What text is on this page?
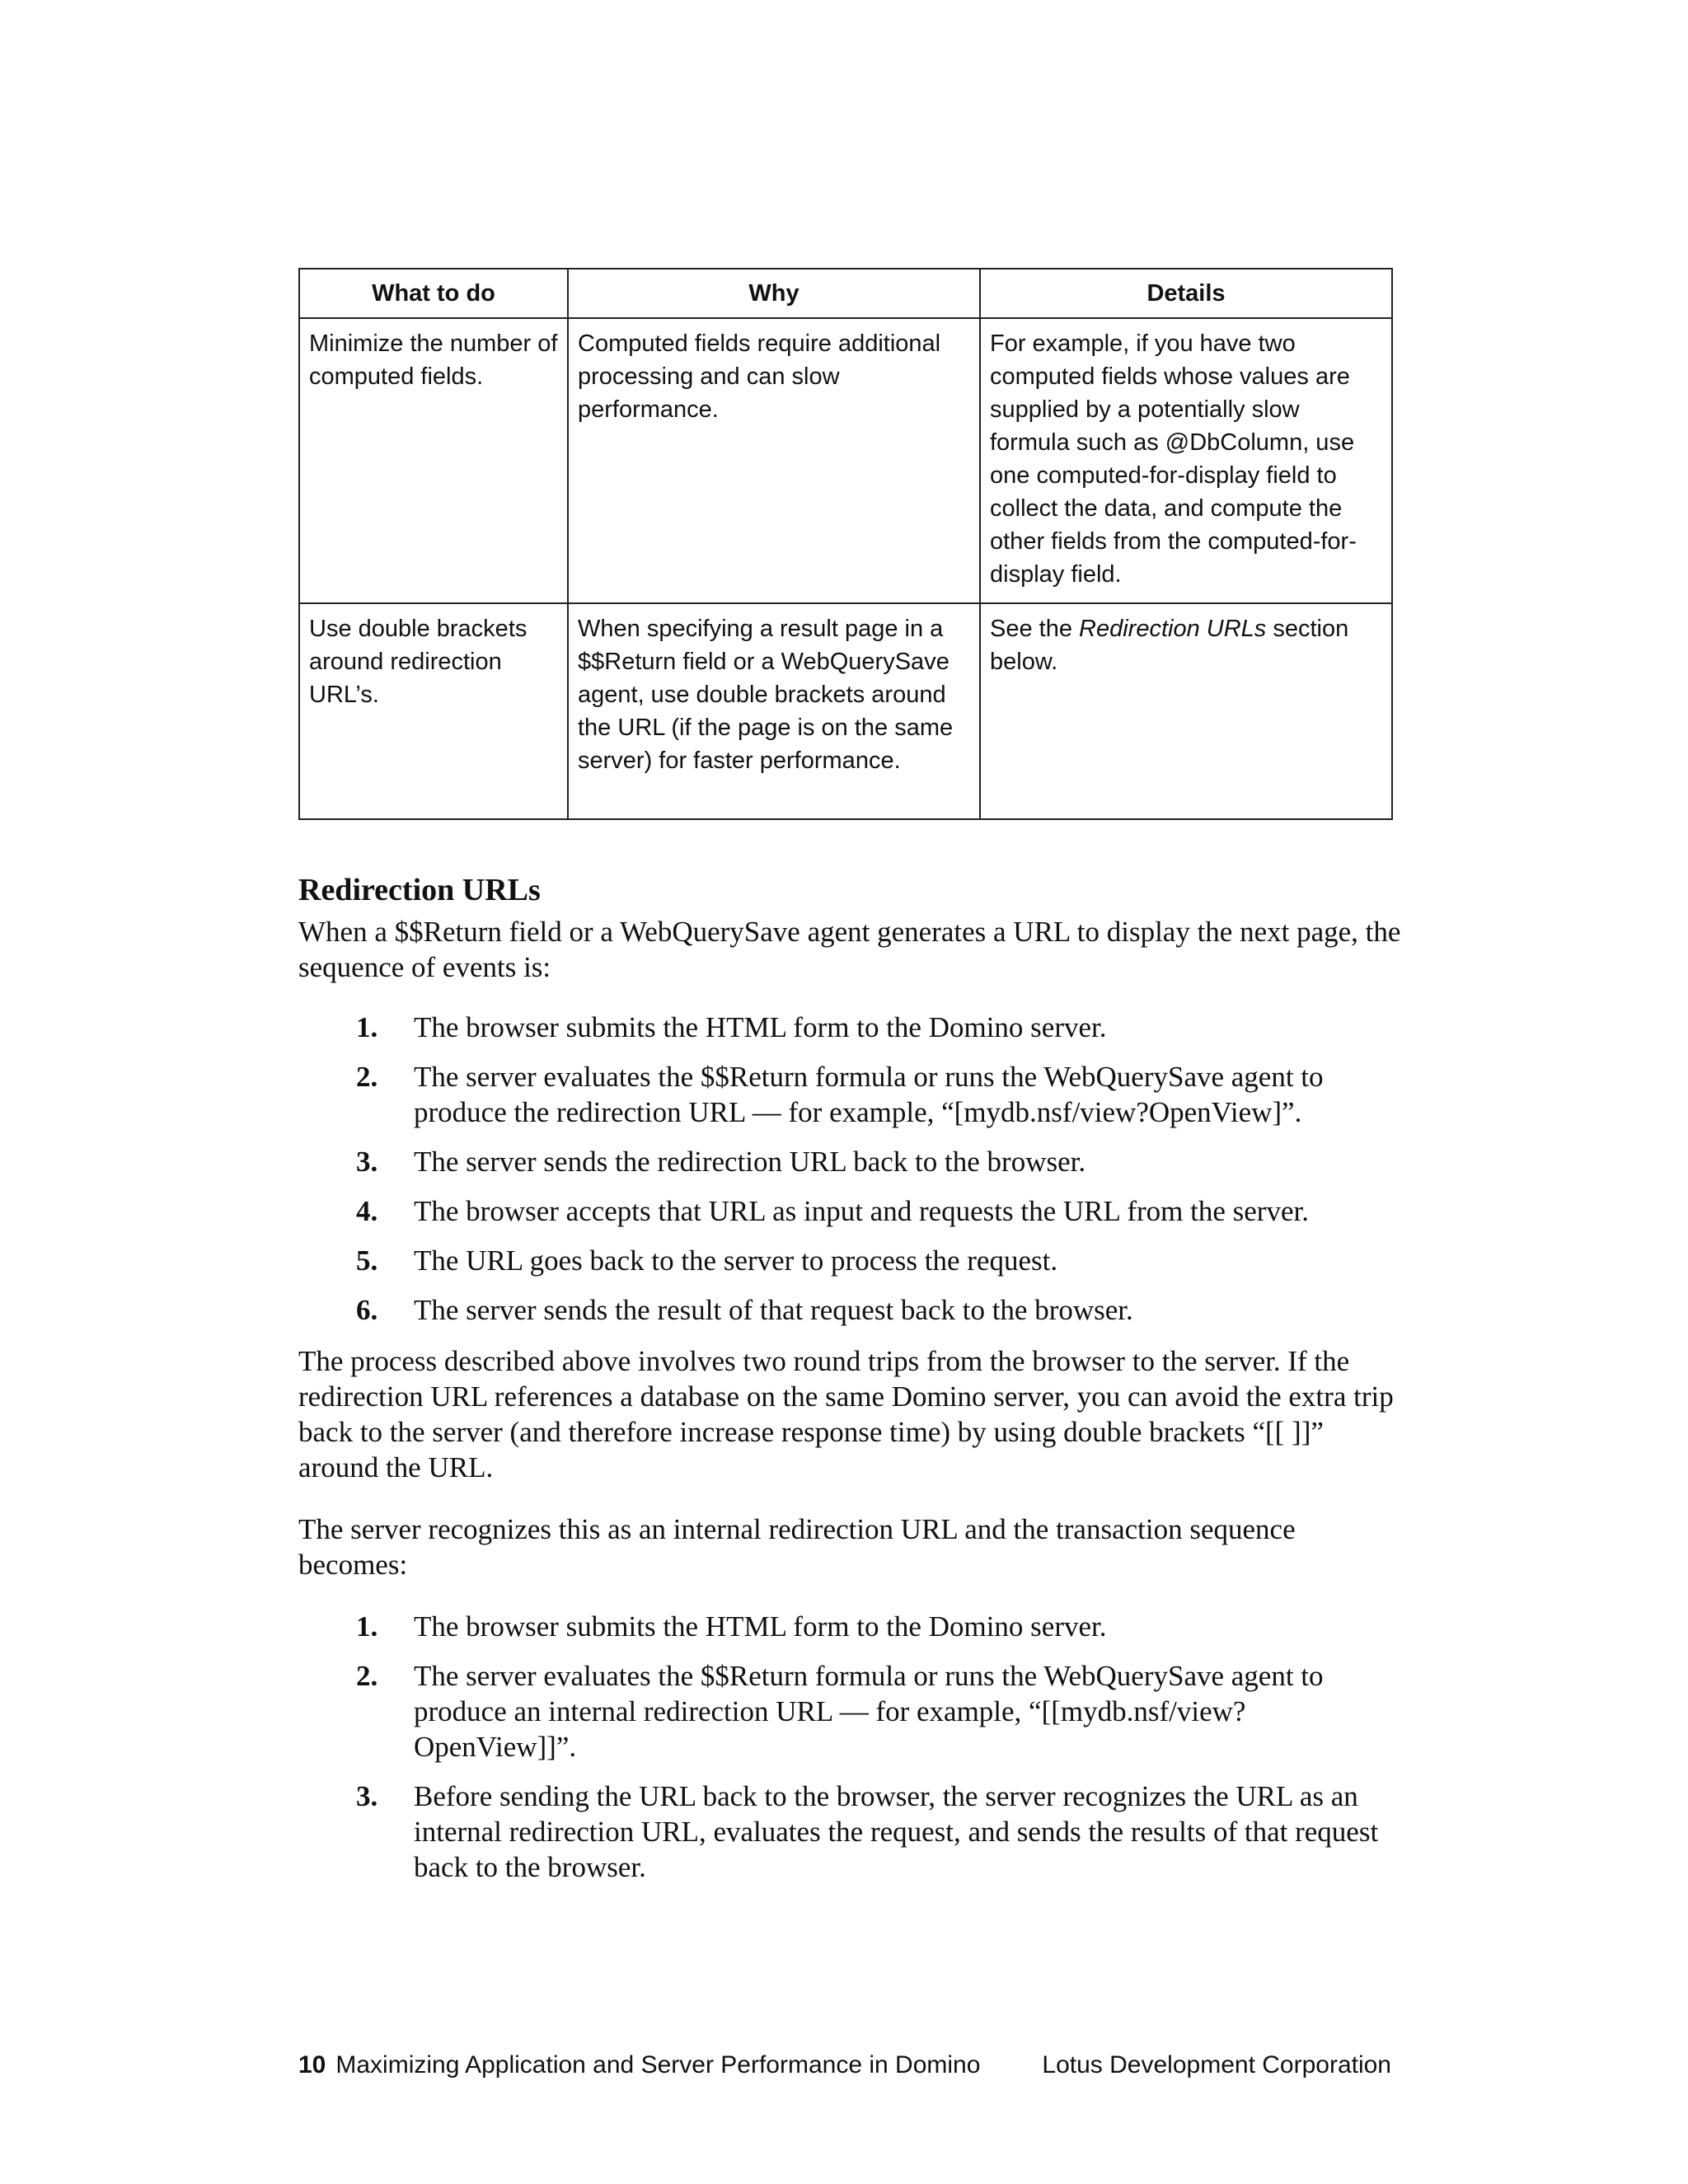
What to do	Why	Details
Minimize the number of computed fields.	Computed fields require additional processing and can slow performance.	For example, if you have two computed fields whose values are supplied by a potentially slow formula such as @DbColumn, use one computed-for-display field to collect the data, and compute the other fields from the computed-for-display field.
Use double brackets around redirection URL’s.	When specifying a result page in a $$Return field or a WebQuerySave agent, use double brackets around the URL (if the page is on the same server) for faster performance.	See the Redirection URLs section below.
Redirection URLs

When a $$Return field or a WebQuerySave agent generates a URL to display the next page, the sequence of events is:

1. The browser submits the HTML form to the Domino server.
2. The server evaluates the $$Return formula or runs the WebQuerySave agent to produce the redirection URL — for example, “[mydb.nsf/view?OpenView]”.
3. The server sends the redirection URL back to the browser.
4. The browser accepts that URL as input and requests the URL from the server.
5. The URL goes back to the server to process the request.
6. The server sends the result of that request back to the browser.

The process described above involves two round trips from the browser to the server. If the redirection URL references a database on the same Domino server, you can avoid the extra trip back to the server (and therefore increase response time) by using double brackets “[[ ]]” around the URL.

The server recognizes this as an internal redirection URL and the transaction sequence becomes:

1. The browser submits the HTML form to the Domino server.
2. The server evaluates the $$Return formula or runs the WebQuerySave agent to produce an internal redirection URL — for example, “[[mydb.nsf/view?OpenView]]”.
3. Before sending the URL back to the browser, the server recognizes the URL as an internal redirection URL, evaluates the request, and sends the results of that request back to the browser.
10 Maximizing Application and Server Performance in Domino	Lotus Development Corporation
